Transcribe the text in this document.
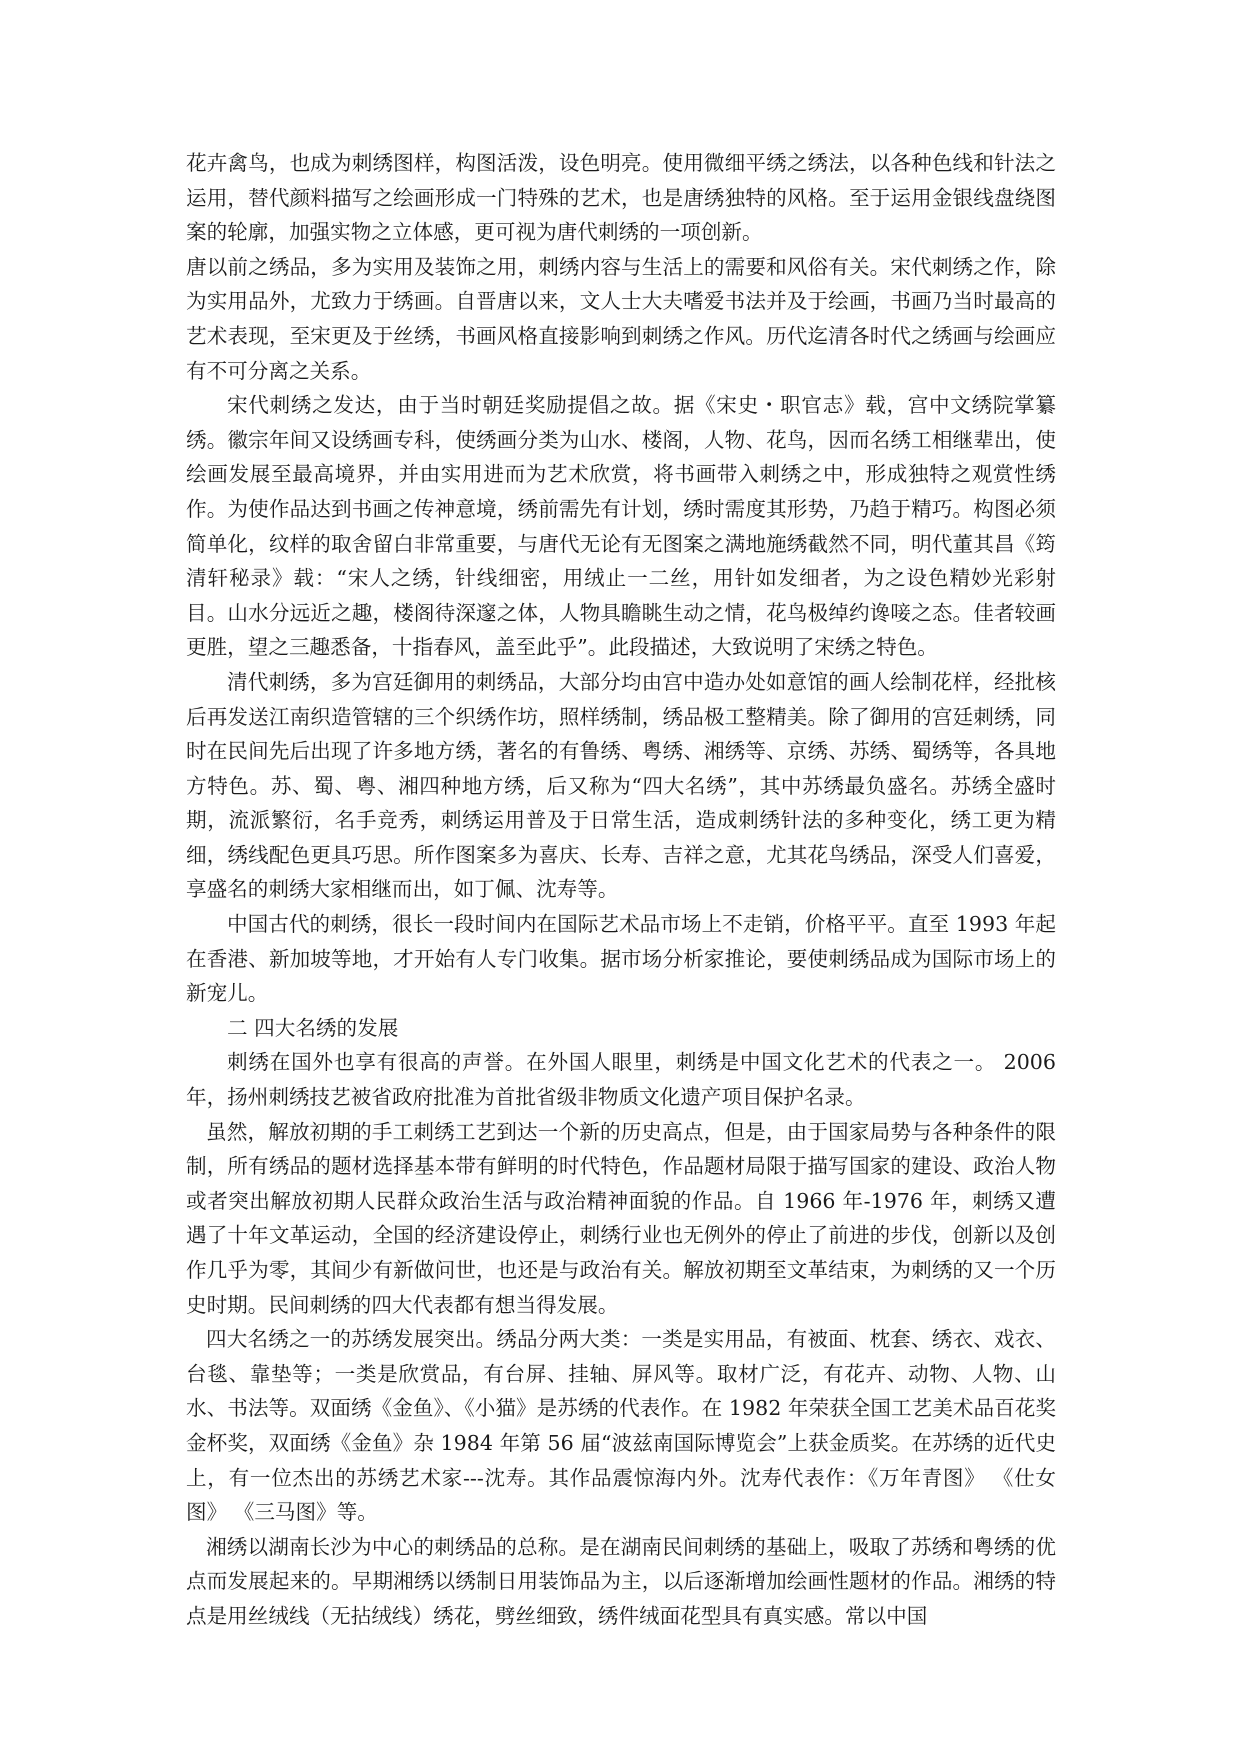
花卉禽鸟，也成为刺绣图样，构图活泼，设色明亮。使用微细平绣之绣法，以各种色线和针法之运用，替代颜料描写之绘画形成一门特殊的艺术，也是唐绣独特的风格。至于运用金银线盘绕图案的轮廓，加强实物之立体感，更可视为唐代刺绣的一项创新。

唐以前之绣品，多为实用及装饰之用，刺绣内容与生活上的需要和风俗有关。宋代刺绣之作，除为实用品外，尤致力于绣画。自晋唐以来，文人士大夫嗜爱书法并及于绘画，书画乃当时最高的艺术表现，至宋更及于丝绣，书画风格直接影响到刺绣之作风。历代迄清各时代之绣画与绘画应有不可分离之关系。

宋代刺绣之发达，由于当时朝廷奖励提倡之故。据《宋史・职官志》载，宫中文绣院掌纂绣。徽宗年间又设绣画专科，使绣画分类为山水、楼阁，人物、花鸟，因而名绣工相继辈出，使绘画发展至最高境界，并由实用进而为艺术欣赏，将书画带入刺绣之中，形成独特之观赏性绣作。为使作品达到书画之传神意境，绣前需先有计划，绣时需度其形势，乃趋于精巧。构图必须简单化，纹样的取舍留白非常重要，与唐代无论有无图案之满地施绣截然不同，明代董其昌《筠清轩秘录》载：“宋人之绣，针线细密，用绒止一二丝，用针如发细者，为之设色精妙光彩射目。山水分远近之趣，楼阁待深邃之体，人物具瞻眺生动之情，花鸟极绰约谗唼之态。佳者较画更胜，望之三趣悉备，十指春风，盖至此乎”。此段描述，大致说明了宋绣之特色。

清代刺绣，多为宫廷御用的刺绣品，大部分均由宫中造办处如意馆的画人绘制花样，经批核后再发送江南织造管辖的三个织绣作坊，照样绣制，绣品极工整精美。除了御用的宫廷刺绣，同时在民间先后出现了许多地方绣，著名的有鲁绣、粤绣、湘绣等、京绣、苏绣、蜀绣等，各具地方特色。苏、蜀、粤、湘四种地方绣，后又称为“四大名绣”，其中苏绣最负盛名。苏绣全盛时期，流派繁衍，名手竞秀，刺绣运用普及于日常生活，造成刺绣针法的多种变化，绣工更为精细，绣线配色更具巧思。所作图案多为喜庆、长寿、吉祥之意，尤其花鸟绣品，深受人们喜爱，享盛名的刺绣大家相继而出，如丁佩、沈寿等。

中国古代的刺绣，很长一段时间内在国际艺术品市场上不走销，价格平平。直至 1993 年起在香港、新加坡等地，才开始有人专门收集。据市场分析家推论，要使刺绣品成为国际市场上的新宠儿。

二 四大名绣的发展

刺绣在国外也享有很高的声誉。在外国人眼里，刺绣是中国文化艺术的代表之一。 2006 年，扬州刺绣技艺被省政府批准为首批省级非物质文化遗产项目保护名录。

虽然，解放初期的手工刺绣工艺到达一个新的历史高点，但是，由于国家局势与各种条件的限制，所有绣品的题材选择基本带有鲜明的时代特色，作品题材局限于描写国家的建设、政治人物或者突出解放初期人民群众政治生活与政治精神面貌的作品。自 1966 年-1976 年，刺绣又遭遇了十年文革运动，全国的经济建设停止，刺绣行业也无例外的停止了前进的步伐，创新以及创作几乎为零，其间少有新做问世，也还是与政治有关。解放初期至文革结束，为刺绣的又一个历史时期。民间刺绣的四大代表都有想当得发展。

四大名绣之一的苏绣发展突出。绣品分两大类：一类是实用品，有被面、枕套、绣衣、戏衣、台毯、靠垫等；一类是欣赏品，有台屏、挂轴、屏风等。取材广泛，有花卉、动物、人物、山水、书法等。双面绣《金鱼》、《小猫》是苏绣的代表作。在 1982 年荣获全国工艺美术品百花奖金杯奖，双面绣《金鱼》杂 1984 年第 56 届“波兹南国际博览会”上获金质奖。在苏绣的近代史上，有一位杰出的苏绣艺术家---沈寿。其作品震惊海内外。沈寿代表作：《万年青图》 《仕女图》 《三马图》等。

湘绣以湖南长沙为中心的刺绣品的总称。是在湖南民间刺绣的基础上，吸取了苏绣和粤绣的优点而发展起来的。早期湘绣以绣制日用装饰品为主，以后逐渐增加绘画性题材的作品。湘绣的特点是用丝绒线（无拈绒线）绣花，劈丝细致，绣件绒面花型具有真实感。常以中国
